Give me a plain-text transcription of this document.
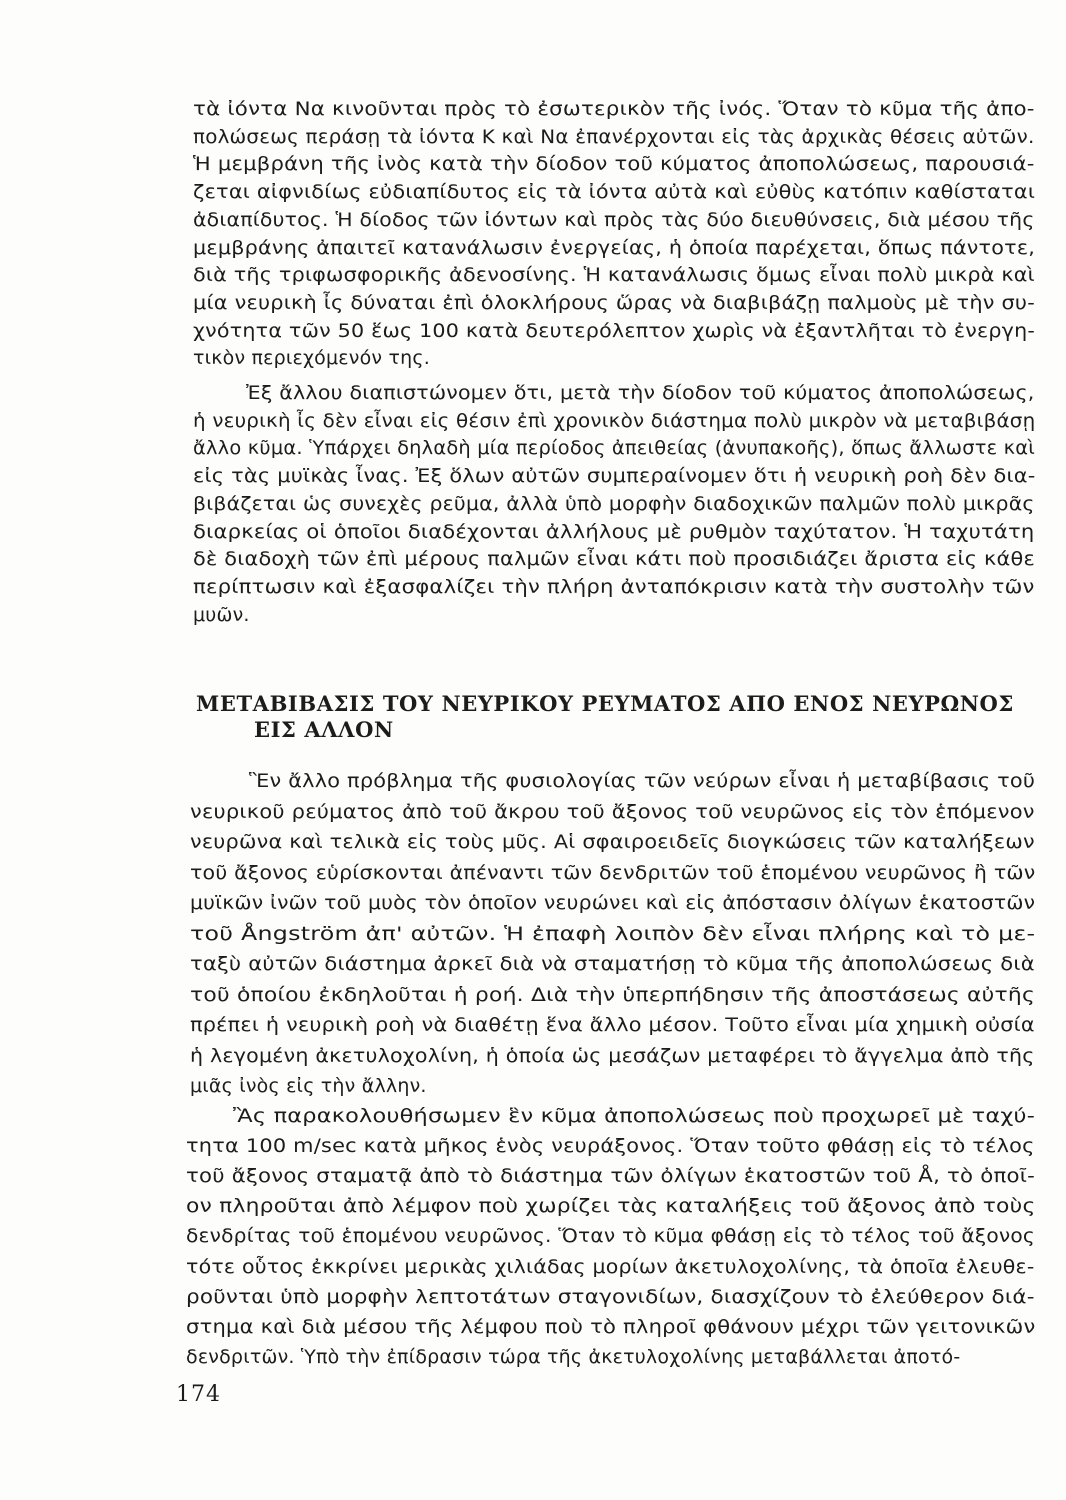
τὰ ἰόντα Να κινοῦνται πρὸς τὸ ἐσωτερικὸν τῆς ἰνός. Ὅταν τὸ κῦμα τῆς ἀπο-
πολώσεως περάσῃ τὰ ἰόντα Κ καὶ Να ἐπανέρχονται εἰς τὰς ἀρχικὰς θέσεις αὐτῶν.
Ἡ μεμβράνη τῆς ἰνὸς κατὰ τὴν δίοδον τοῦ κύματος ἀποπολώσεως, παρουσιά-
ζεται αἰφνιδίως εὐδιαπίδυτος εἰς τὰ ἰόντα αὐτὰ καὶ εὐθὺς κατόπιν καθίσταται
ἀδιαπίδυτος. Ἡ δίοδος τῶν ἰόντων καὶ πρὸς τὰς δύο διευθύνσεις, διὰ μέσου τῆς
μεμβράνης ἀπαιτεῖ κατανάλωσιν ἐνεργείας, ἡ ὁποία παρέχεται, ὅπως πάντοτε,
διὰ τῆς τριφωσφορικῆς ἀδενοσίνης. Ἡ κατανάλωσις ὅμως εἶναι πολὺ μικρὰ καὶ
μία νευρικὴ ἶς δύναται ἐπὶ ὁλοκλήρους ὥρας νὰ διαβιβάζῃ παλμοὺς μὲ τὴν συ-
χνότητα τῶν 50 ἕως 100 κατὰ δευτερόλεπτον χωρὶς νὰ ἐξαντλῆται τὸ ἐνεργη-
τικὸν περιεχόμενόν της.
Ἐξ ἄλλου διαπιστώνομεν ὅτι, μετὰ τὴν δίοδον τοῦ κύματος ἀποπολώσεως,
ἡ νευρικὴ ἶς δὲν εἶναι εἰς θέσιν ἐπὶ χρονικὸν διάστημα πολὺ μικρὸν νὰ μεταβιβάσῃ
ἄλλο κῦμα. Ὑπάρχει δηλαδὴ μία περίοδος ἀπειθείας (ἀνυπακοῆς), ὅπως ἄλλωστε καὶ
εἰς τὰς μυϊκὰς ἶνας. Ἐξ ὅλων αὐτῶν συμπεραίνομεν ὅτι ἡ νευρικὴ ροὴ δὲν δια-
βιβάζεται ὡς συνεχὲς ρεῦμα, ἀλλὰ ὑπὸ μορφὴν διαδοχικῶν παλμῶν πολὺ μικρᾶς
διαρκείας οἱ ὁποῖοι διαδέχονται ἀλλήλους μὲ ρυθμὸν ταχύτατον. Ἡ ταχυτάτη
δὲ διαδοχὴ τῶν ἐπὶ μέρους παλμῶν εἶναι κάτι ποὺ προσιδιάζει ἄριστα εἰς κάθε
περίπτωσιν καὶ ἐξασφαλίζει τὴν πλήρη ἀνταπόκρισιν κατὰ τὴν συστολὴν τῶν
μυῶν.
ΜΕΤΑΒΙΒΑΣΙΣ ΤΟΥ ΝΕΥΡΙΚΟΥ ΡΕΥΜΑΤΟΣ ΑΠΟ ΕΝΟΣ ΝΕΥΡΩΝΟΣ
ΕΙΣ ΑΛΛΟΝ
Ἓν ἄλλο πρόβλημα τῆς φυσιολογίας τῶν νεύρων εἶναι ἡ μεταβίβασις τοῦ
νευρικοῦ ρεύματος ἀπὸ τοῦ ἄκρου τοῦ ἄξονος τοῦ νευρῶνος εἰς τὸν ἑπόμενον
νευρῶνα καὶ τελικὰ εἰς τοὺς μῦς. Αἱ σφαιροειδεῖς διογκώσεις τῶν καταλήξεων
τοῦ ἄξονος εὑρίσκονται ἀπέναντι τῶν δενδριτῶν τοῦ ἑπομένου νευρῶνος ἢ τῶν
μυϊκῶν ἰνῶν τοῦ μυὸς τὸν ὁποῖον νευρώνει καὶ εἰς ἀπόστασιν ὀλίγων ἑκατοστῶν
τοῦ Ångström ἀπ' αὐτῶν. Ἡ ἐπαφὴ λοιπὸν δὲν εἶναι πλήρης καὶ τὸ με-
ταξὺ αὐτῶν διάστημα ἀρκεῖ διὰ νὰ σταματήσῃ τὸ κῦμα τῆς ἀποπολώσεως διὰ
τοῦ ὁποίου ἐκδηλοῦται ἡ ροή. Διὰ τὴν ὑπερπήδησιν τῆς ἀποστάσεως αὐτῆς
πρέπει ἡ νευρικὴ ροὴ νὰ διαθέτῃ ἕνα ἄλλο μέσον. Τοῦτο εἶναι μία χημικὴ οὐσία
ἡ λεγομένη ἀκετυλοχολίνη, ἡ ὁποία ὡς μεσάζων μεταφέρει τὸ ἄγγελμα ἀπὸ τῆς
μιᾶς ἰνὸς εἰς τὴν ἄλλην.
Ἂς παρακολουθήσωμεν ἓν κῦμα ἀποπολώσεως ποὺ προχωρεῖ μὲ ταχύ-
τητα 100 m/sec κατὰ μῆκος ἑνὸς νευράξονος. Ὅταν τοῦτο φθάσῃ εἰς τὸ τέλος
τοῦ ἄξονος σταματᾷ ἀπὸ τὸ διάστημα τῶν ὀλίγων ἑκατοστῶν τοῦ Å, τὸ ὁποῖ-
ον πληροῦται ἀπὸ λέμφον ποὺ χωρίζει τὰς καταλήξεις τοῦ ἄξονος ἀπὸ τοὺς
δενδρίτας τοῦ ἑπομένου νευρῶνος. Ὅταν τὸ κῦμα φθάσῃ εἰς τὸ τέλος τοῦ ἄξονος
τότε οὗτος ἐκκρίνει μερικὰς χιλιάδας μορίων ἀκετυλοχολίνης, τὰ ὁποῖα ἐλευθε-
ροῦνται ὑπὸ μορφὴν λεπτοτάτων σταγονιδίων, διασχίζουν τὸ ἐλεύθερον διά-
στημα καὶ διὰ μέσου τῆς λέμφου ποὺ τὸ πληροῖ φθάνουν μέχρι τῶν γειτονικῶν
δενδριτῶν. Ὑπὸ τὴν ἐπίδρασιν τώρα τῆς ἀκετυλοχολίνης μεταβάλλεται ἀποτό-
174
